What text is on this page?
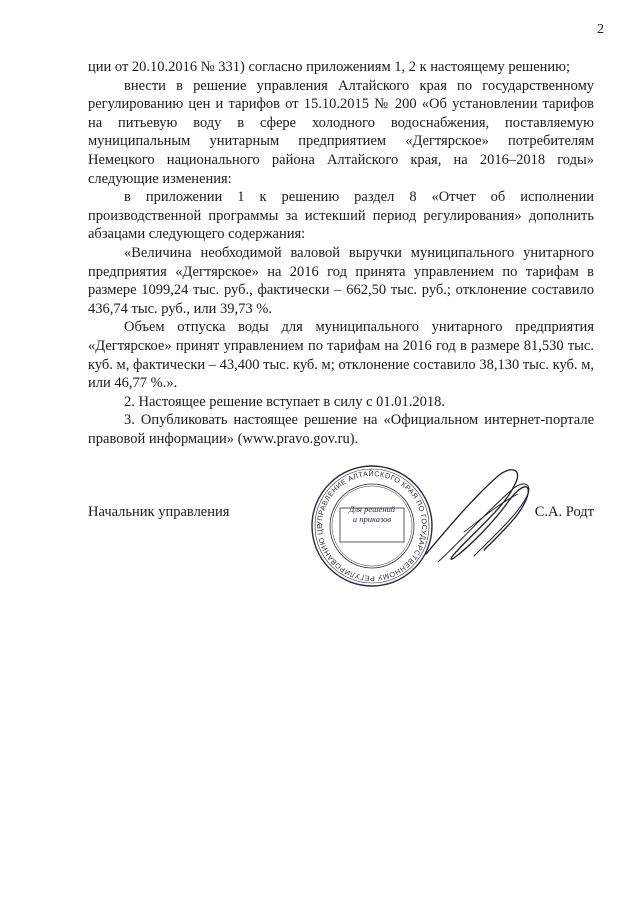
2

ции от 20.10.2016 № 331) согласно приложениям 1, 2 к настоящему решению;

внести в решение управления Алтайского края по государственному регулированию цен и тарифов от 15.10.2015 № 200 «Об установлении тарифов на питьевую воду в сфере холодного водоснабжения, поставляемую муниципальным унитарным предприятием «Дегтярское» потребителям Немецкого национального района Алтайского края, на 2016–2018 годы» следующие изменения:

в приложении 1 к решению раздел 8 «Отчет об исполнении производственной программы за истекший период регулирования» дополнить абзацами следующего содержания:

«Величина необходимой валовой выручки муниципального унитарного предприятия «Дегтярское» на 2016 год принята управлением по тарифам в размере 1099,24 тыс. руб., фактически – 662,50 тыс. руб.; отклонение составило 436,74 тыс. руб., или 39,73 %.

Объем отпуска воды для муниципального унитарного предприятия «Дегтярское» принят управлением по тарифам на 2016 год в размере 81,530 тыс. куб. м, фактически – 43,400 тыс. куб. м; отклонение составило 38,130 тыс. куб. м, или 46,77 %.».

2. Настоящее решение вступает в силу с 01.01.2018.

3. Опубликовать настоящее решение на «Официальном интернет-портале правовой информации» (www.pravo.gov.ru).

Начальник управления
УПРАВЛЕНИЕ АЛТАЙСКОГО КРАЯ ПО ГОСУДАРСТВЕННОМУ РЕГУЛИРОВАНИЮ ЦЕН И ТАРИФОВ * ИНН 2221177627
Для решений
и приказов	С.А. Родт
